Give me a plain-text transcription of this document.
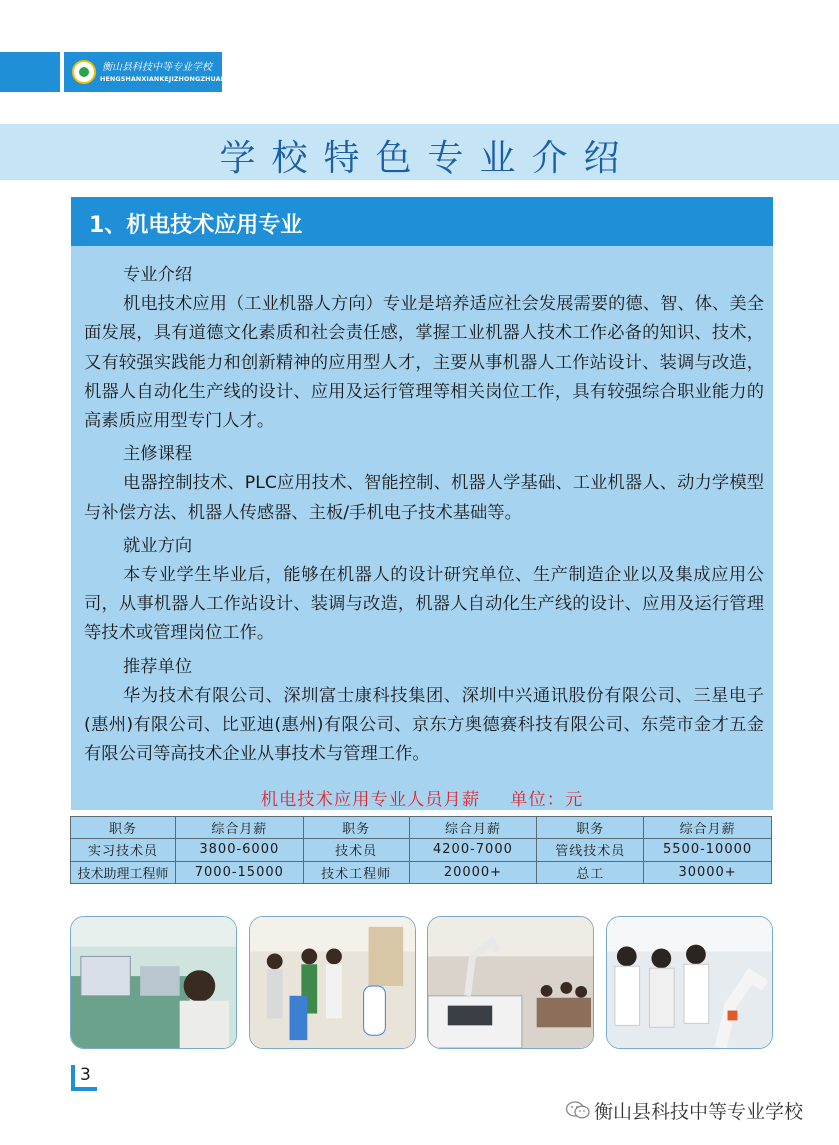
衡山县科技中等专业学校
HENGSHANXIANKEJIZHONGZHUAN
学校特色专业介绍
1、机电技术应用专业
专业介绍
机电技术应用（工业机器人方向）专业是培养适应社会发展需要的德、智、体、美全面发展，具有道德文化素质和社会责任感，掌握工业机器人技术工作必备的知识、技术，又有较强实践能力和创新精神的应用型人才，主要从事机器人工作站设计、装调与改造，机器人自动化生产线的设计、应用及运行管理等相关岗位工作，具有较强综合职业能力的高素质应用型专门人才。
主修课程
电器控制技术、PLC应用技术、智能控制、机器人学基础、工业机器人、动力学模型与补偿方法、机器人传感器、主板/手机电子技术基础等。
就业方向
本专业学生毕业后，能够在机器人的设计研究单位、生产制造企业以及集成应用公司，从事机器人工作站设计、装调与改造，机器人自动化生产线的设计、应用及运行管理等技术或管理岗位工作。
推荐单位
华为技术有限公司、深圳富士康科技集团、深圳中兴通讯股份有限公司、三星电子(惠州)有限公司、比亚迪(惠州)有限公司、京东方奥德赛科技有限公司、东莞市金才五金有限公司等高技术企业从事技术与管理工作。
机电技术应用专业人员月薪 单位：元
职务	综合月薪	职务	综合月薪	职务	综合月薪
实习技术员	3800-6000	技术员	4200-7000	管线技术员	5500-10000
技术助理工程师	7000-15000	技术工程师	20000+	总工	30000+
3
衡山县科技中等专业学校
